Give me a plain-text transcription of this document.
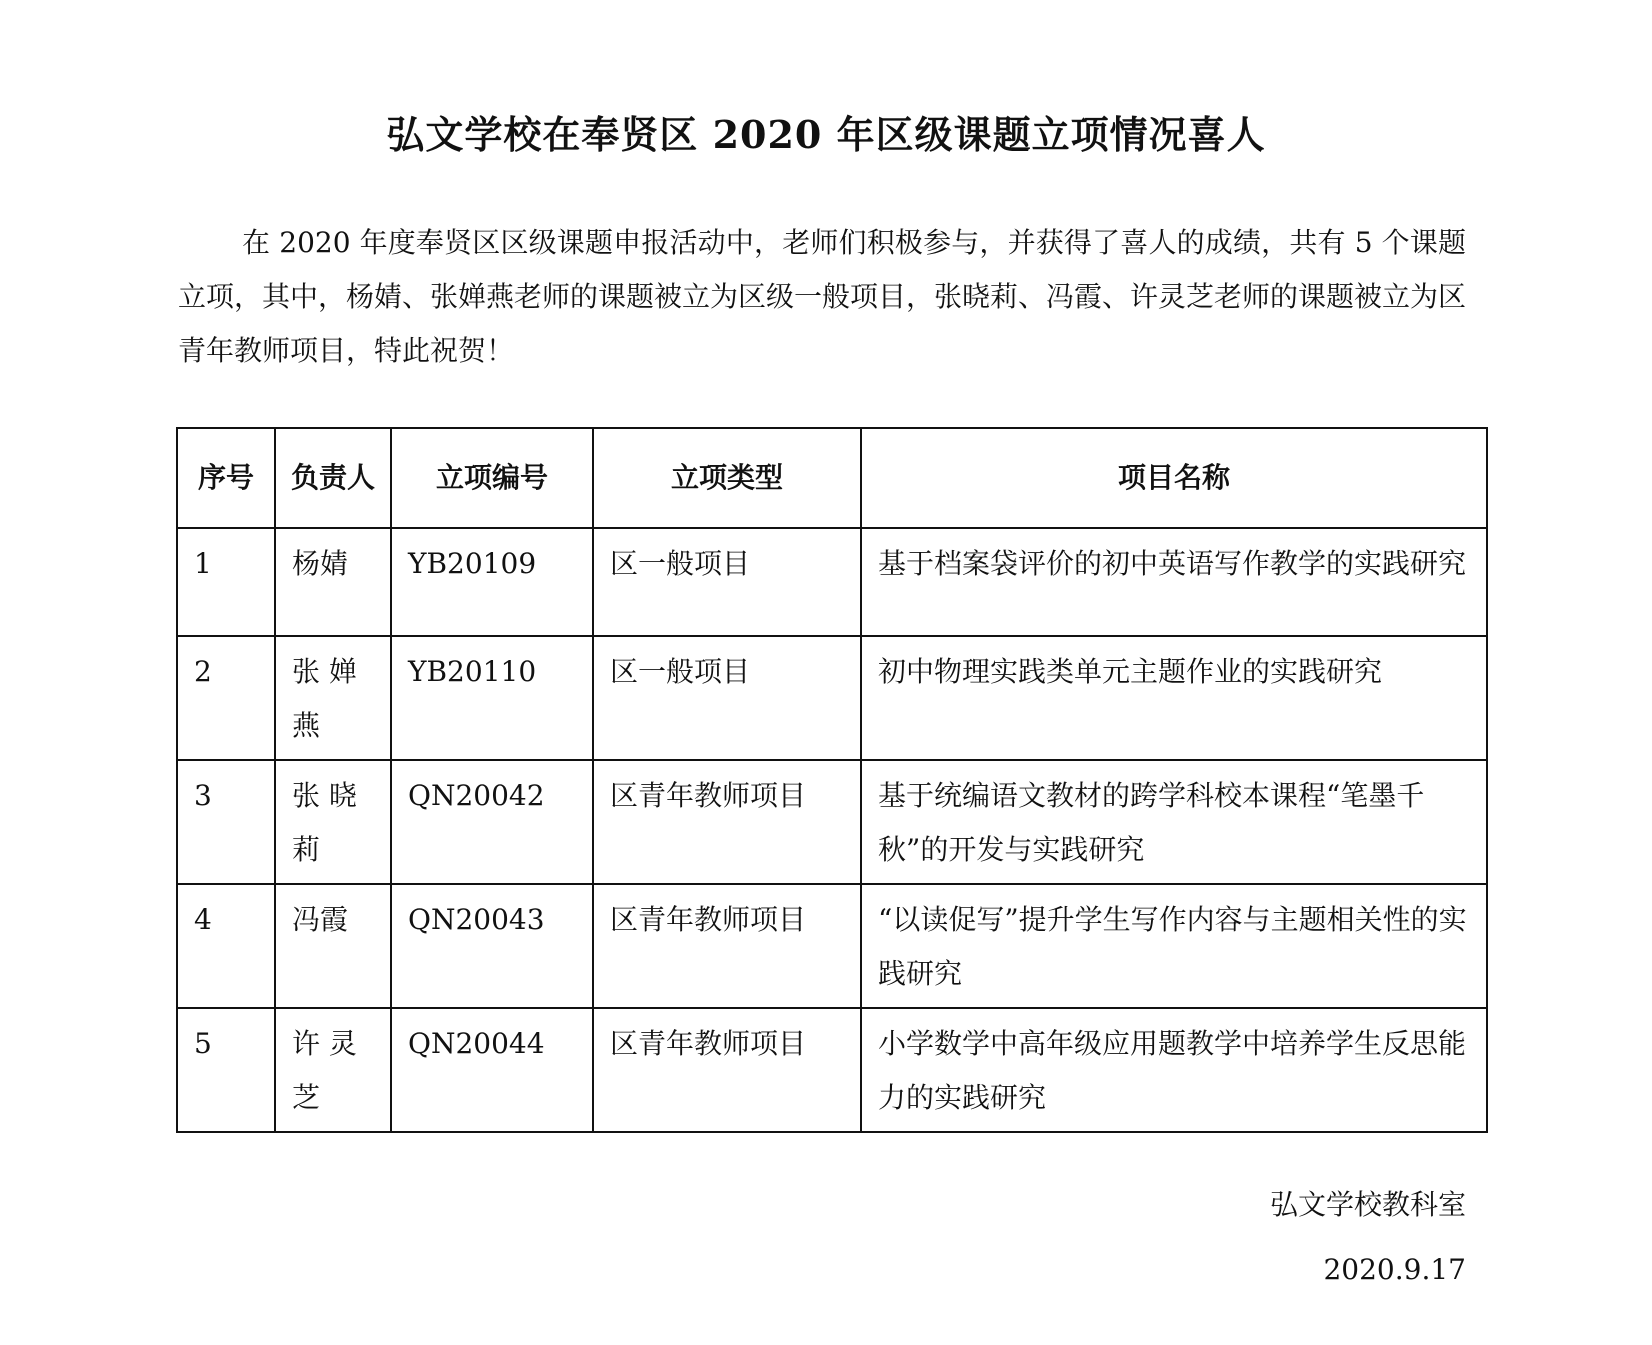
弘文学校在奉贤区 2020 年区级课题立项情况喜人

在 2020 年度奉贤区区级课题申报活动中，老师们积极参与，并获得了喜人的成绩，共有 5 个课题立项，其中，杨婧、张婵燕老师的课题被立为区级一般项目，张晓莉、冯霞、许灵芝老师的课题被立为区青年教师项目，特此祝贺！

序号	负责人	立项编号	立项类型	项目名称
1	杨婧	YB20109	区一般项目	基于档案袋评价的初中英语写作教学的实践研究
2	张 婵 燕	YB20110	区一般项目	初中物理实践类单元主题作业的实践研究
3	张 晓 莉	QN20042	区青年教师项目	基于统编语文教材的跨学科校本课程“笔墨千秋”的开发与实践研究
4	冯霞	QN20043	区青年教师项目	“以读促写”提升学生写作内容与主题相关性的实践研究
5	许 灵 芝	QN20044	区青年教师项目	小学数学中高年级应用题教学中培养学生反思能力的实践研究

弘文学校教科室

2020.9.17
